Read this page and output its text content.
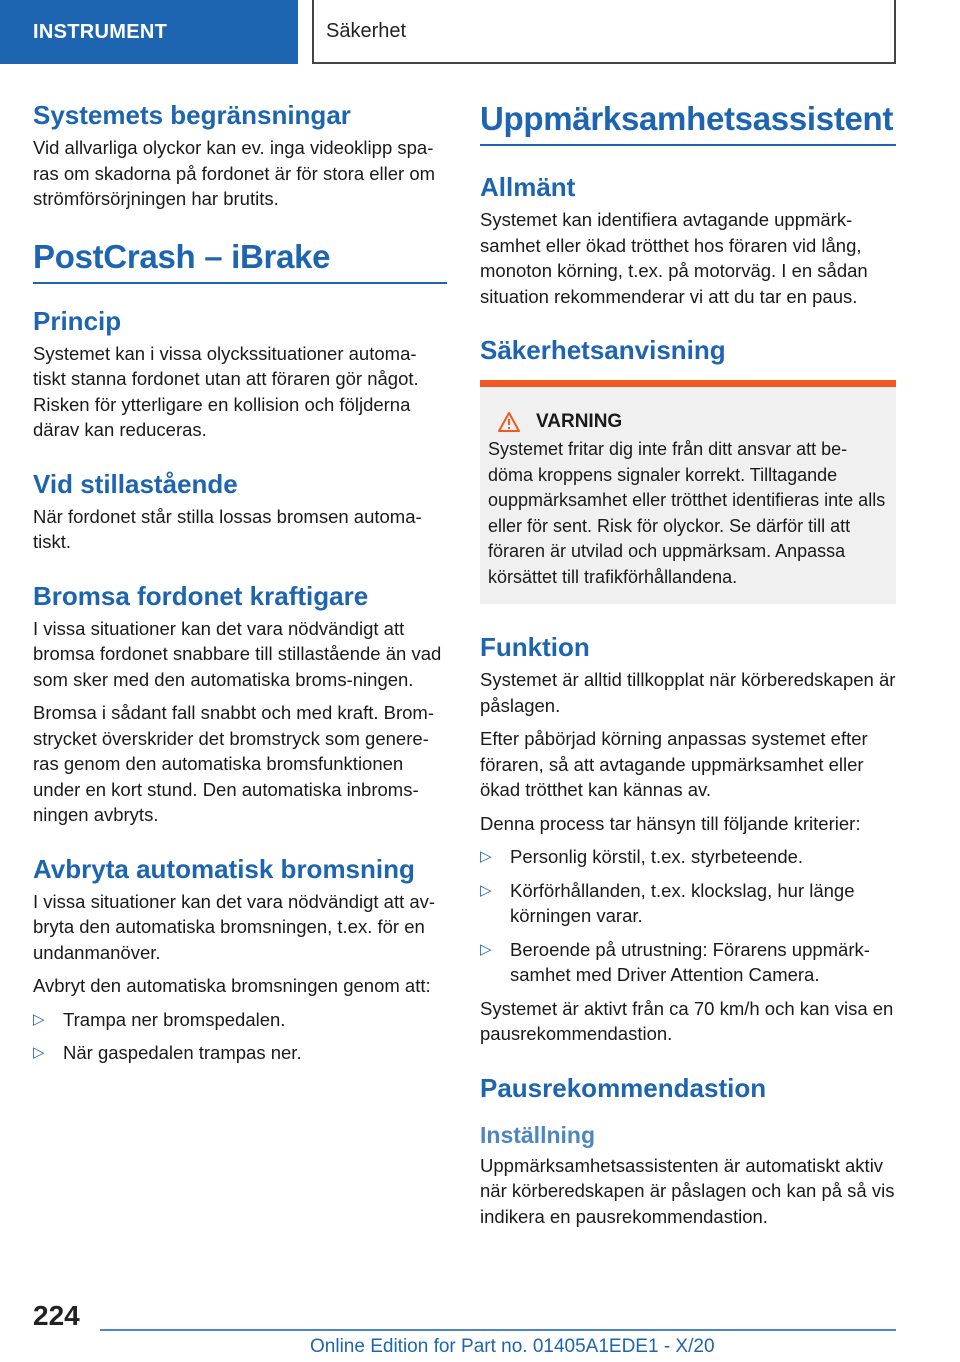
INSTRUMENT	Säkerhet
Systemets begränsningar

Vid allvarliga olyckor kan ev. inga videoklipp spa-ras om skadorna på fordonet är för stora eller om strömförsörjningen har brutits.

PostCrash – iBrake
Princip

Systemet kan i vissa olyckssituationer automa-tiskt stanna fordonet utan att föraren gör något. Risken för ytterligare en kollision och följderna därav kan reduceras.

Vid stillastående

När fordonet står stilla lossas bromsen automa-tiskt.

Bromsa fordonet kraftigare

I vissa situationer kan det vara nödvändigt att bromsa fordonet snabbare till stillastående än vad som sker med den automatiska broms-ningen.

Bromsa i sådant fall snabbt och med kraft. Brom-strycket överskrider det bromstryck som genere-ras genom den automatiska bromsfunktionen under en kort stund. Den automatiska inbroms-ningen avbryts.

Avbryta automatisk bromsning

I vissa situationer kan det vara nödvändigt att av-bryta den automatiska bromsningen, t.ex. för en undanmanöver.

Avbryt den automatiska bromsningen genom att:

▷ Trampa ner bromspedalen.
▷ När gaspedalen trampas ner.
Uppmärksamhetsassistent
Allmänt

Systemet kan identifiera avtagande uppmärk-samhet eller ökad trötthet hos föraren vid lång, monoton körning, t.ex. på motorväg. I en sådan situation rekommenderar vi att du tar en paus.

Säkerhetsanvisning
VARNING

Systemet fritar dig inte från ditt ansvar att be-döma kroppens signaler korrekt. Tilltagande ouppmärksamhet eller trötthet identifieras inte alls eller för sent. Risk för olyckor. Se därför till att föraren är utvilad och uppmärksam. Anpassa körsättet till trafikförhållandena.

Funktion

Systemet är alltid tillkopplat när körberedskapen är påslagen.

Efter påbörjad körning anpassas systemet efter föraren, så att avtagande uppmärksamhet eller ökad trötthet kan kännas av.

Denna process tar hänsyn till följande kriterier:

▷ Personlig körstil, t.ex. styrbeteende.
▷ Körförhållanden, t.ex. klockslag, hur länge körningen varar.
▷ Beroende på utrustning: Förarens uppmärk-samhet med Driver Attention Camera.

Systemet är aktivt från ca 70 km/h och kan visa en pausrekommendastion.

Pausrekommendastion
Inställning

Uppmärksamhetsassistenten är automatiskt aktiv när körberedskapen är påslagen och kan på så vis indikera en pausrekommendastion.

224
Online Edition for Part no. 01405A1EDE1 - X/20
